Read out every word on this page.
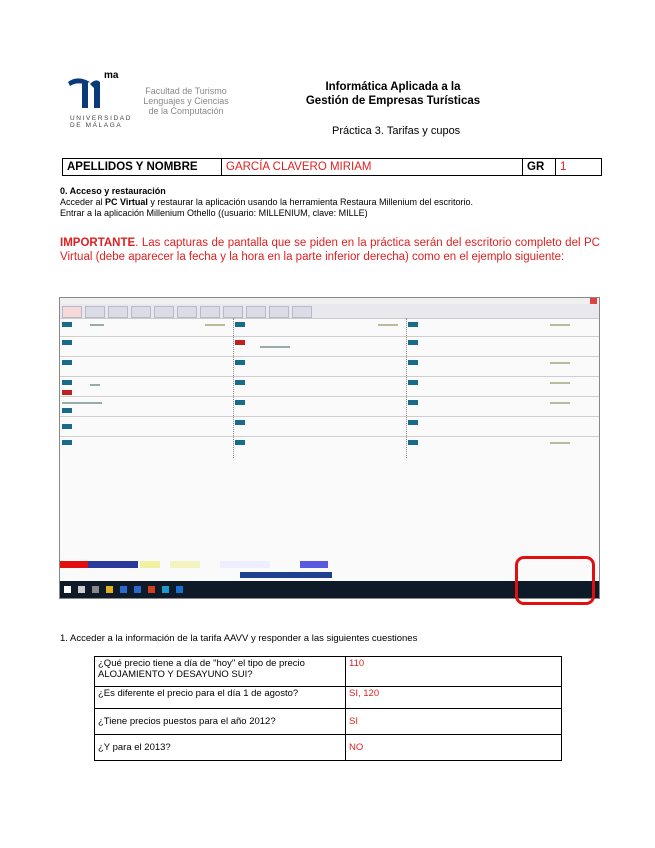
ma
Facultad de Turismo
Lenguajes y Ciencias
de la Computación
UNIVERSIDAD
DE MÁLAGA
Informática Aplicada a la
Gestión de Empresas Turísticas
Práctica 3. Tarifas y cupos
APELLIDOS Y NOMBRE	GARCÍA CLAVERO MIRIAM	GR	1
0. Acceso y restauración
Acceder al PC Virtual y restaurar la aplicación usando la herramienta Restaura Millenium del escritorio.
Entrar a la aplicación Millenium Othello ((usuario: MILLENIUM, clave: MILLE)
IMPORTANTE. Las capturas de pantalla que se piden en la práctica serán del escritorio completo del PC Virtual (debe aparecer la fecha y la hora en la parte inferior derecha) como en el ejemplo siguiente:
1. Acceder a la información de la tarifa AAVV y responder a las siguientes cuestiones
¿Qué precio tiene a día de "hoy" el tipo de precio ALOJAMIENTO Y DESAYUNO SUI?	110
¿Es diferente el precio para el día 1 de agosto?	SI, 120
¿Tiene precios puestos para el año 2012?	SI
¿Y para el 2013?	NO
